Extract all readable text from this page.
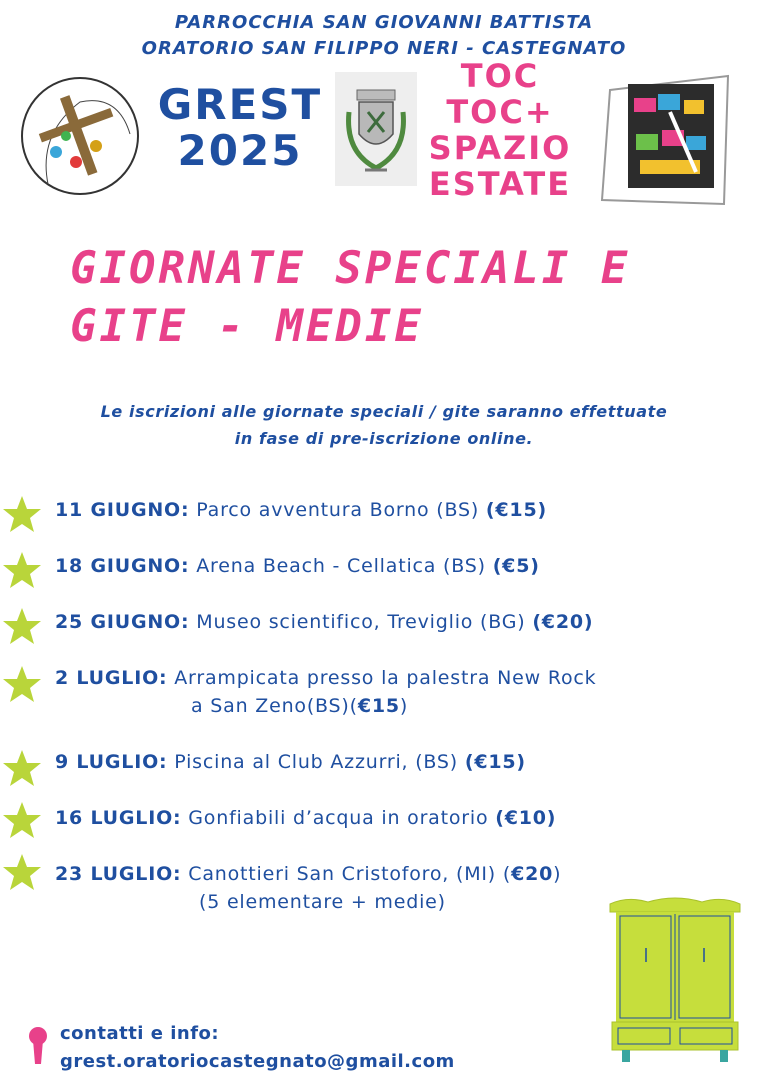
PARROCCHIA SAN GIOVANNI BATTISTA
ORATORIO SAN FILIPPO NERI - CASTEGNATO
GREST
2025
TOC
TOC+
SPAZIO
ESTATE
GIORNATE SPECIALI E
GITE - MEDIE
Le iscrizioni alle giornate speciali / gite saranno effettuate
in fase di pre-iscrizione online.
11 GIUGNO: Parco avventura Borno (BS) (€15)
18 GIUGNO: Arena Beach - Cellatica (BS) (€5)
25 GIUGNO: Museo scientifico, Treviglio (BG) (€20)
2 LUGLIO: Arrampicata presso la palestra New Rock
a San Zeno(BS)(€15)
9 LUGLIO: Piscina al Club Azzurri, (BS) (€15)
16 LUGLIO: Gonfiabili d’acqua in oratorio (€10)
23 LUGLIO: Canottieri San Cristoforo, (MI) (€20)
(5 elementare + medie)
contatti e info:
grest.oratoriocastegnato@gmail.com
